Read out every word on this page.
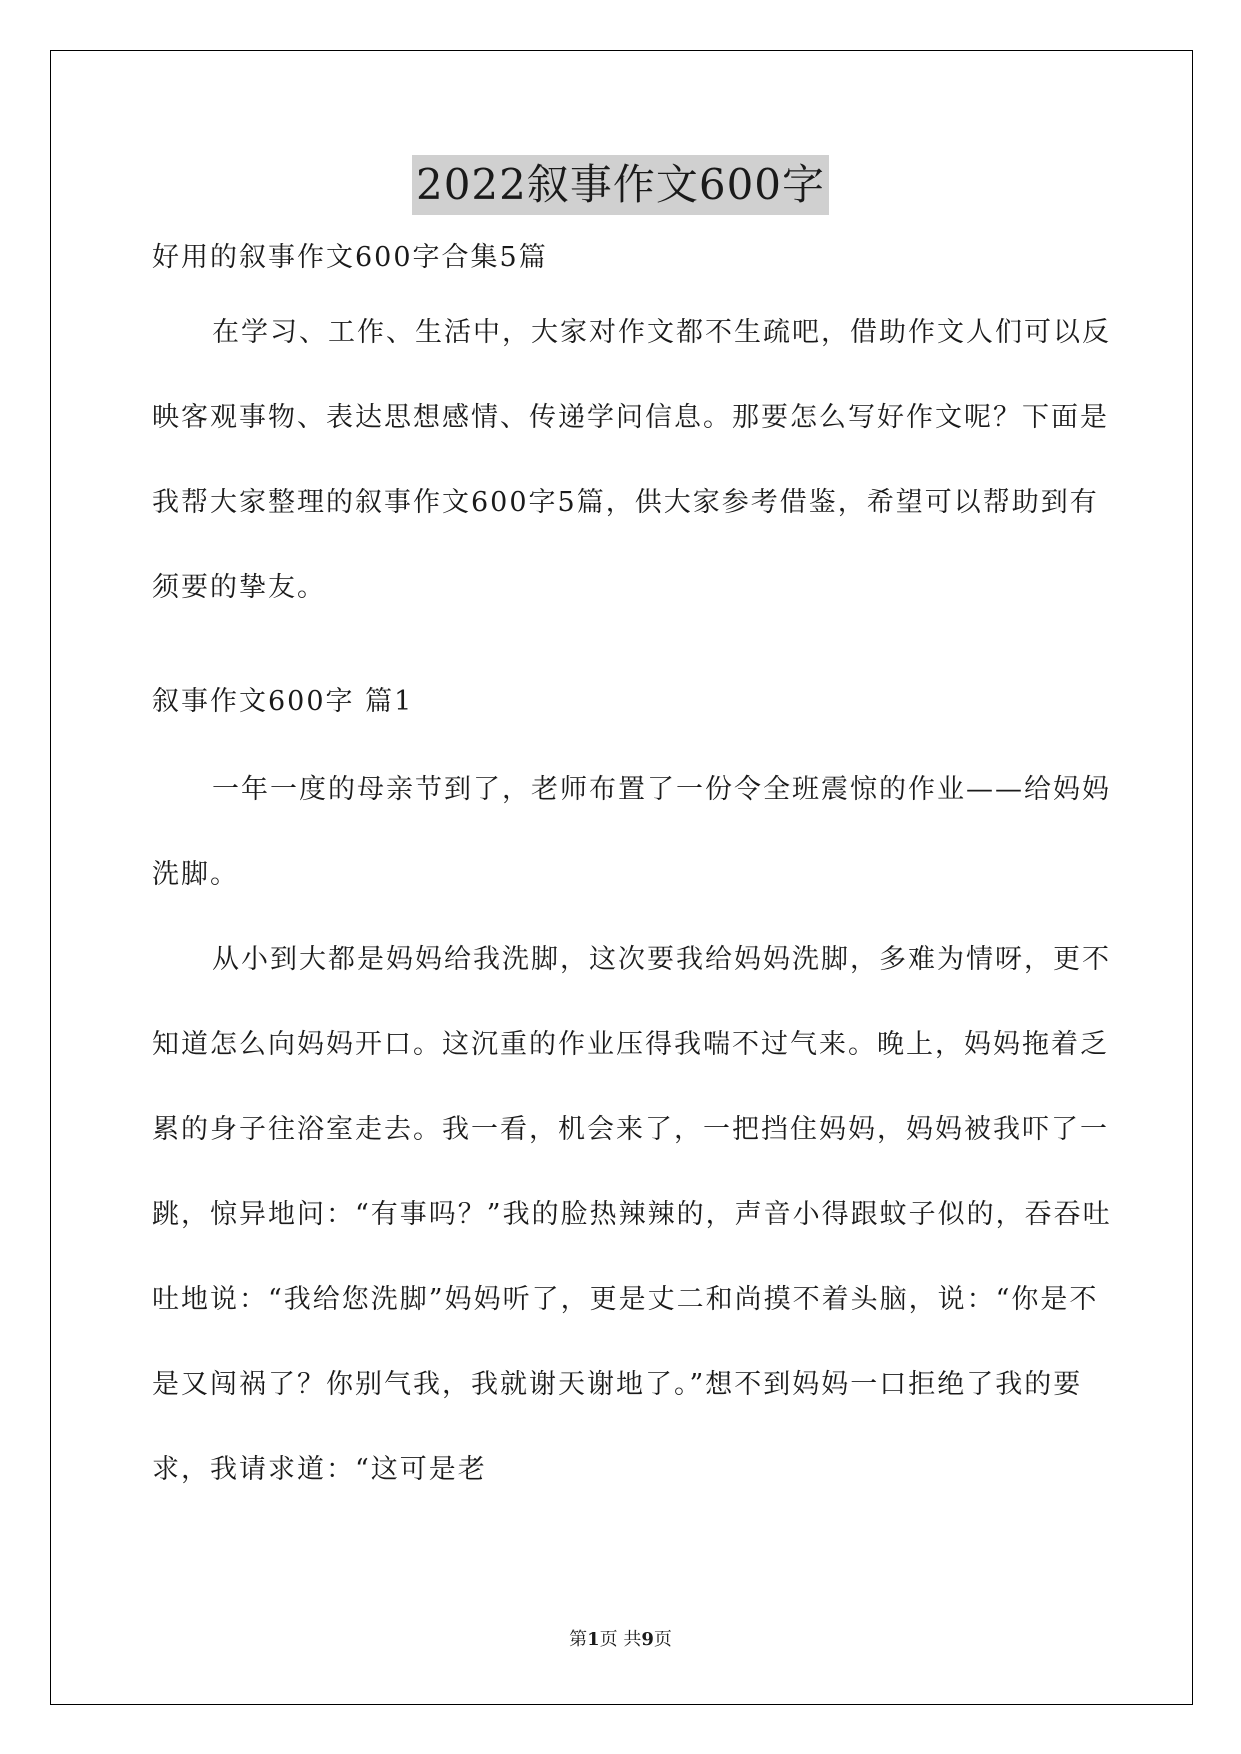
2022叙事作文600字
好用的叙事作文600字合集5篇

在学习、工作、生活中，大家对作文都不生疏吧，借助作文人们可以反映客观事物、表达思想感情、传递学问信息。那要怎么写好作文呢？下面是我帮大家整理的叙事作文600字5篇，供大家参考借鉴，希望可以帮助到有须要的挚友。

叙事作文600字 篇1

一年一度的母亲节到了，老师布置了一份令全班震惊的作业——给妈妈洗脚。

从小到大都是妈妈给我洗脚，这次要我给妈妈洗脚，多难为情呀，更不知道怎么向妈妈开口。这沉重的作业压得我喘不过气来。晚上，妈妈拖着乏累的身子往浴室走去。我一看，机会来了，一把挡住妈妈，妈妈被我吓了一跳，惊异地问：“有事吗？”我的脸热辣辣的，声音小得跟蚊子似的，吞吞吐吐地说：“我给您洗脚”妈妈听了，更是丈二和尚摸不着头脑，说：“你是不是又闯祸了？你别气我，我就谢天谢地了。”想不到妈妈一口拒绝了我的要求，我请求道：“这可是老

第1页 共9页
